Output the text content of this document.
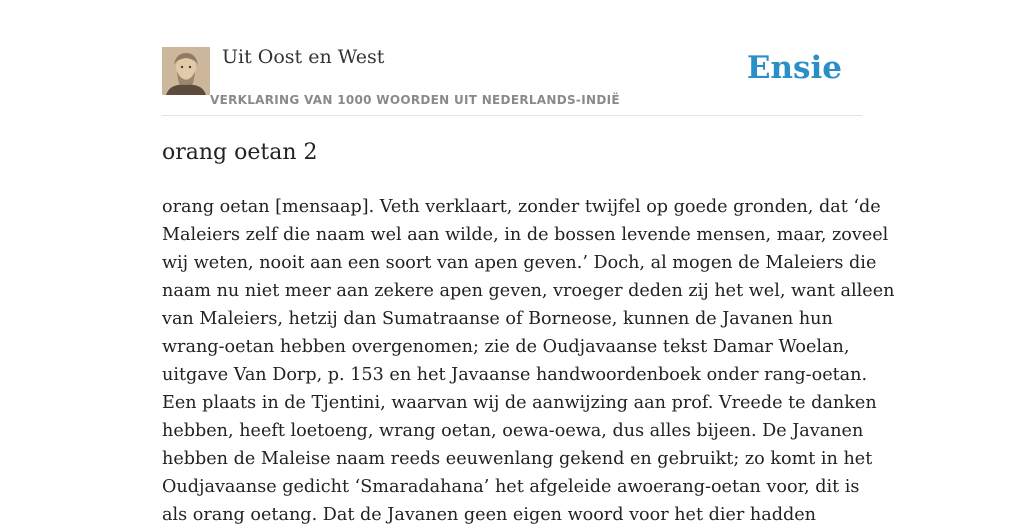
Uit Oost en West
VERKLARING VAN 1000 WOORDEN UIT NEDERLANDS-INDIË
Ensie
orang oetan 2
orang oetan [mensaap]. Veth verklaart, zonder twijfel op goede gronden, dat ‘de
Maleiers zelf die naam wel aan wilde, in de bossen levende mensen, maar, zoveel
wij weten, nooit aan een soort van apen geven.’ Doch, al mogen de Maleiers die
naam nu niet meer aan zekere apen geven, vroeger deden zij het wel, want alleen
van Maleiers, hetzij dan Sumatraanse of Borneose, kunnen de Javanen hun
wrang-oetan hebben overgenomen; zie de Oudjavaanse tekst Damar Woelan,
uitgave Van Dorp, p. 153 en het Javaanse handwoordenboek onder rang-oetan.
Een plaats in de Tjentini, waarvan wij de aanwijzing aan prof. Vreede te danken
hebben, heeft loetoeng, wrang oetan, oewa-oewa, dus alles bijeen. De Javanen
hebben de Maleise naam reeds eeuwenlang gekend en gebruikt; zo komt in het
Oudjavaanse gedicht ‘Smaradahana’ het afgeleide awoerang-oetan voor, dit is
als orang oetang. Dat de Javanen geen eigen woord voor het dier hadden
